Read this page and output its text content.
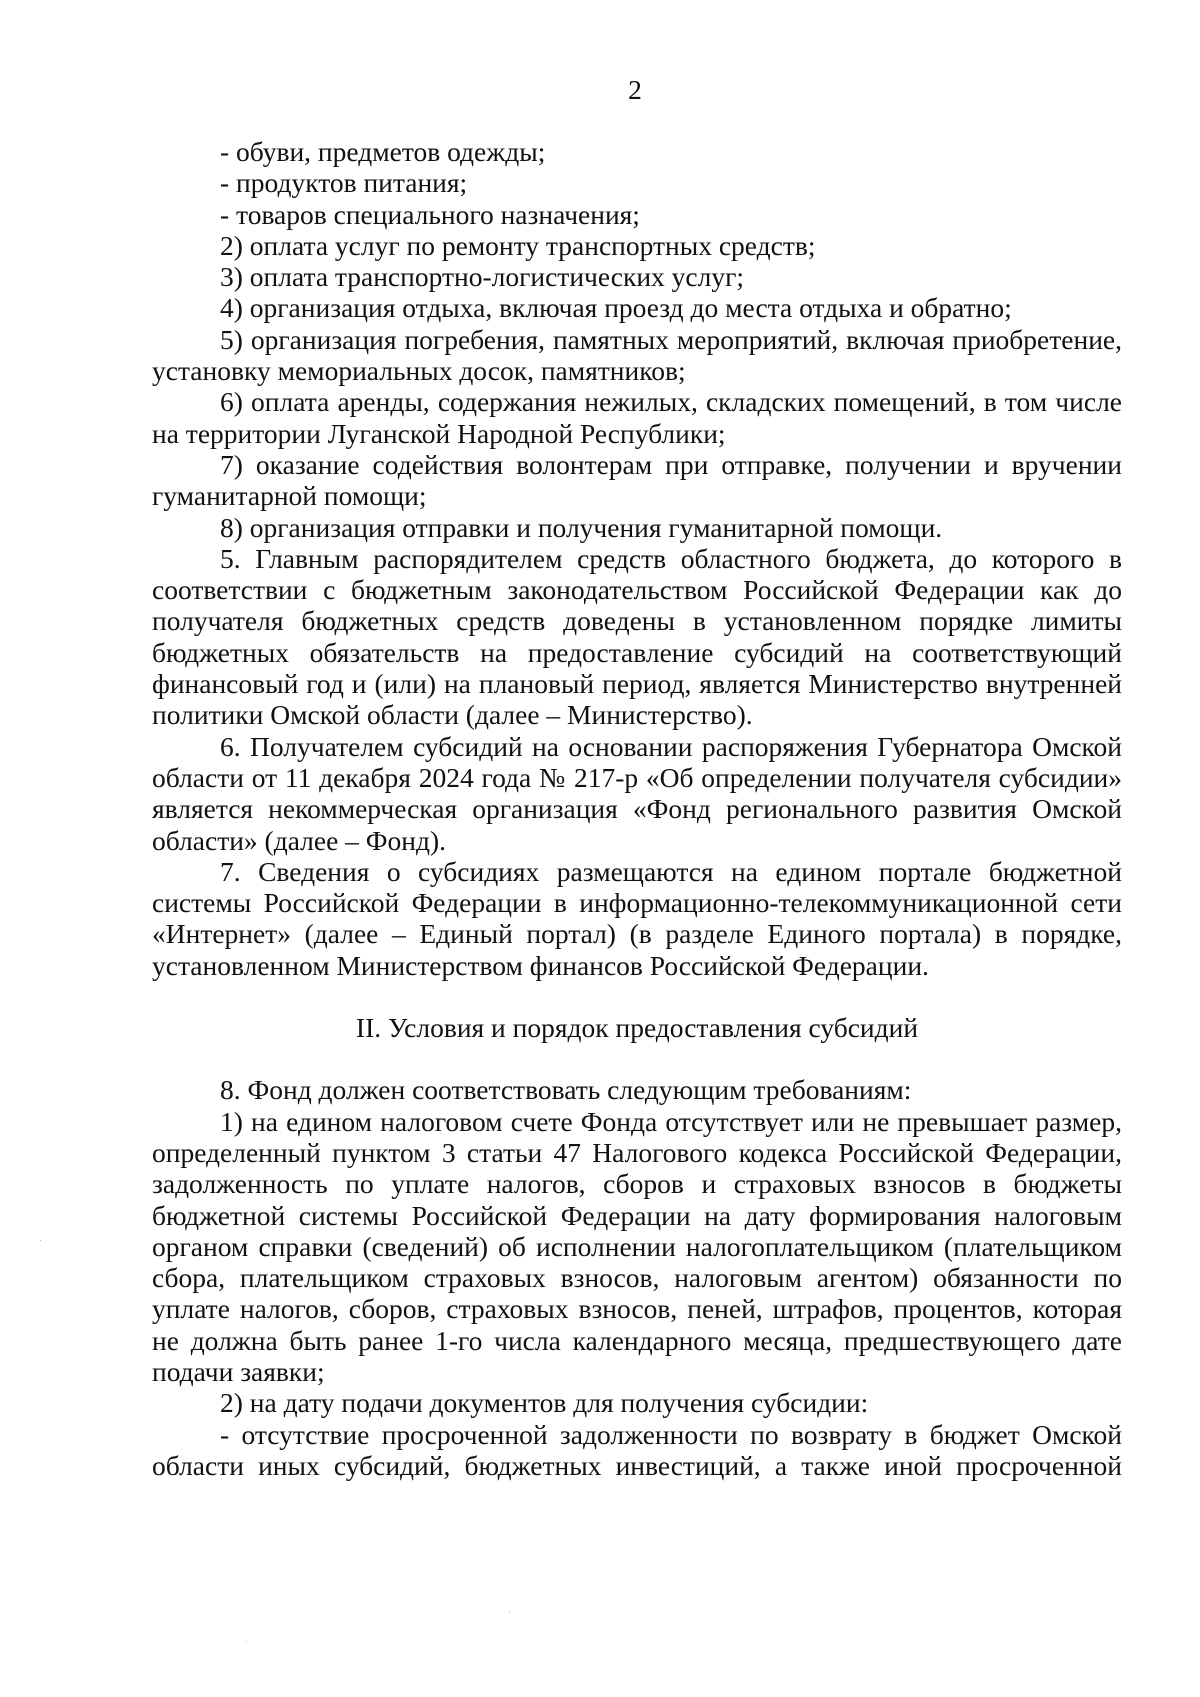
2

- обуви, предметов одежды;

- продуктов питания;

- товаров специального назначения;

2) оплата услуг по ремонту транспортных средств;

3) оплата транспортно-логистических услуг;

4) организация отдыха, включая проезд до места отдыха и обратно;

5) организация погребения, памятных мероприятий, включая приобретение, установку мемориальных досок, памятников;

6) оплата аренды, содержания нежилых, складских помещений, в том числе на территории Луганской Народной Республики;

7) оказание содействия волонтерам при отправке, получении и вручении гуманитарной помощи;

8) организация отправки и получения гуманитарной помощи.

5. Главным распорядителем средств областного бюджета, до которого в соответствии с бюджетным законодательством Российской Федерации как до получателя бюджетных средств доведены в установленном порядке лимиты бюджетных обязательств на предоставление субсидий на соответствующий финансовый год и (или) на плановый период, является Министерство внутренней политики Омской области (далее – Министерство).

6. Получателем субсидий на основании распоряжения Губернатора Омской области от 11 декабря 2024 года № 217-р «Об определении получателя субсидии» является некоммерческая организация «Фонд регионального развития Омской области» (далее – Фонд).

7. Сведения о субсидиях размещаются на едином портале бюджетной системы Российской Федерации в информационно-телекоммуникационной сети «Интернет» (далее – Единый портал) (в разделе Единого портала) в порядке, установленном Министерством финансов Российской Федерации.

II. Условия и порядок предоставления субсидий

8. Фонд должен соответствовать следующим требованиям:

1) на едином налоговом счете Фонда отсутствует или не превышает размер, определенный пунктом 3 статьи 47 Налогового кодекса Российской Федерации, задолженность по уплате налогов, сборов и страховых взносов в бюджеты бюджетной системы Российской Федерации на дату формирования налоговым органом справки (сведений) об исполнении налогоплательщиком (плательщиком сбора, плательщиком страховых взносов, налоговым агентом) обязанности по уплате налогов, сборов, страховых взносов, пеней, штрафов, процентов, которая не должна быть ранее 1-го числа календарного месяца, предшествующего дате подачи заявки;

2) на дату подачи документов для получения субсидии:

- отсутствие просроченной задолженности по возврату в бюджет Омской области иных субсидий, бюджетных инвестиций, а также иной просроченной
